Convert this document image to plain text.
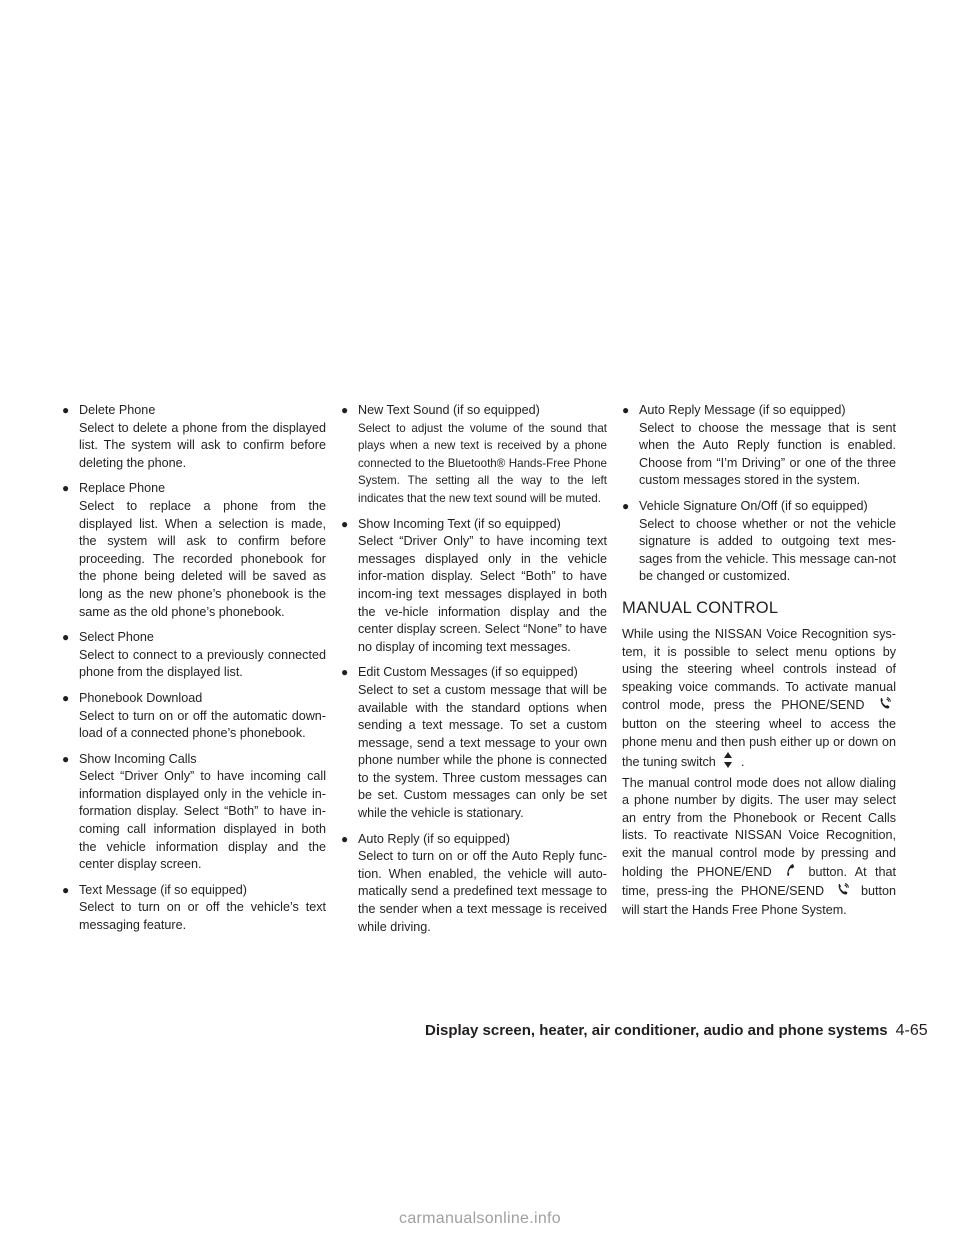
● Delete Phone
Select to delete a phone from the displayed list. The system will ask to confirm before deleting the phone.
● Replace Phone
Select to replace a phone from the displayed list. When a selection is made, the system will ask to confirm before proceeding. The recorded phonebook for the phone being deleted will be saved as long as the new phone’s phonebook is the same as the old phone’s phonebook.
● Select Phone
Select to connect to a previously connected phone from the displayed list.
● Phonebook Download
Select to turn on or off the automatic down-load of a connected phone’s phonebook.
● Show Incoming Calls
Select “Driver Only” to have incoming call information displayed only in the vehicle in-formation display. Select “Both” to have in-coming call information displayed in both the vehicle information display and the center display screen.
● Text Message (if so equipped)
Select to turn on or off the vehicle’s text messaging feature.
● New Text Sound (if so equipped)
Select to adjust the volume of the sound that plays when a new text is received by a phone connected to the Bluetooth® Hands-Free Phone System. The setting all the way to the left indicates that the new text sound will be muted.
● Show Incoming Text (if so equipped)
Select “Driver Only” to have incoming text messages displayed only in the vehicle infor-mation display. Select “Both” to have incom-ing text messages displayed in both the ve-hicle information display and the center display screen. Select “None” to have no display of incoming text messages.
● Edit Custom Messages (if so equipped)
Select to set a custom message that will be available with the standard options when sending a text message. To set a custom message, send a text message to your own phone number while the phone is connected to the system. Three custom messages can be set. Custom messages can only be set while the vehicle is stationary.
● Auto Reply (if so equipped)
Select to turn on or off the Auto Reply func-tion. When enabled, the vehicle will auto-matically send a predefined text message to the sender when a text message is received while driving.
● Auto Reply Message (if so equipped)
Select to choose the message that is sent when the Auto Reply function is enabled. Choose from “I’m Driving” or one of the three custom messages stored in the system.
● Vehicle Signature On/Off (if so equipped)
Select to choose whether or not the vehicle signature is added to outgoing text mes-sages from the vehicle. This message can-not be changed or customized.
MANUAL CONTROL

While using the NISSAN Voice Recognition sys-tem, it is possible to select menu options by using the steering wheel controls instead of speaking voice commands. To activate manual control mode, press the PHONE/SEND  button on the steering wheel to access the phone menu and then push either up or down on the tuning switch .

The manual control mode does not allow dialing a phone number by digits. The user may select an entry from the Phonebook or Recent Calls lists. To reactivate NISSAN Voice Recognition, exit the manual control mode by pressing and holding the PHONE/END	button. At that time, press-ing the PHONE/SEND	button will start the Hands Free Phone System.

Display screen, heater, air conditioner, audio and phone systems 4-65
carmanualsonline.info
